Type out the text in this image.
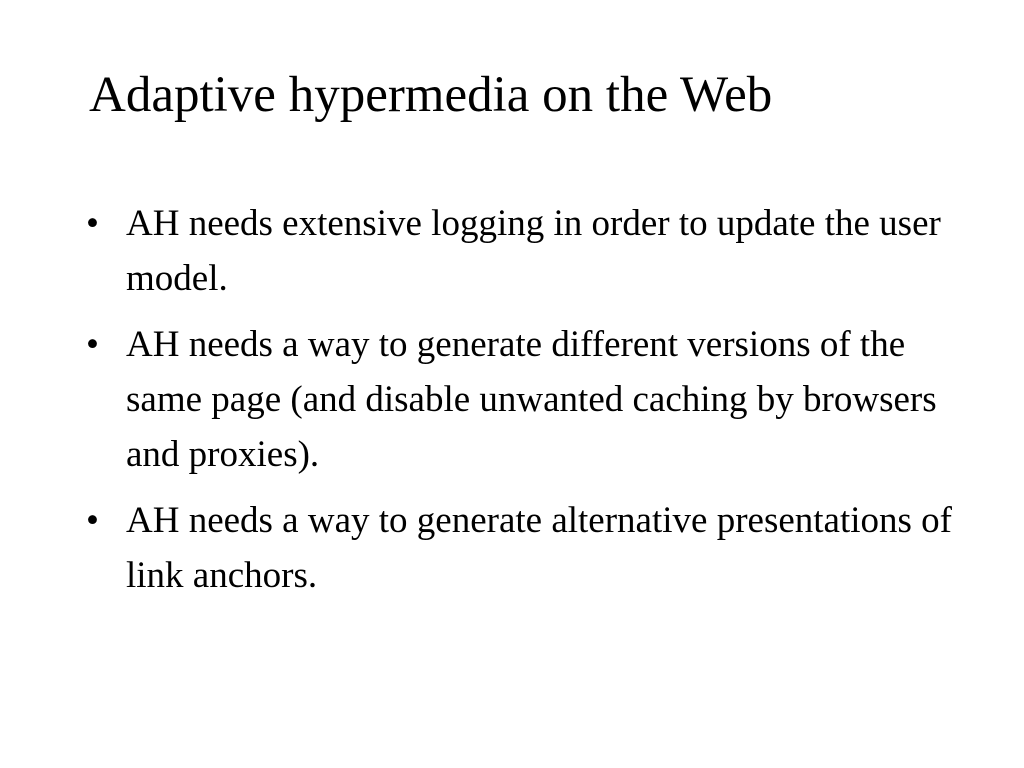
Adaptive hypermedia on the Web
• AH needs extensive logging in order to update the user model.
• AH needs a way to generate different versions of the same page (and disable unwanted caching by browsers and proxies).
• AH needs a way to generate alternative presentations of link anchors.
